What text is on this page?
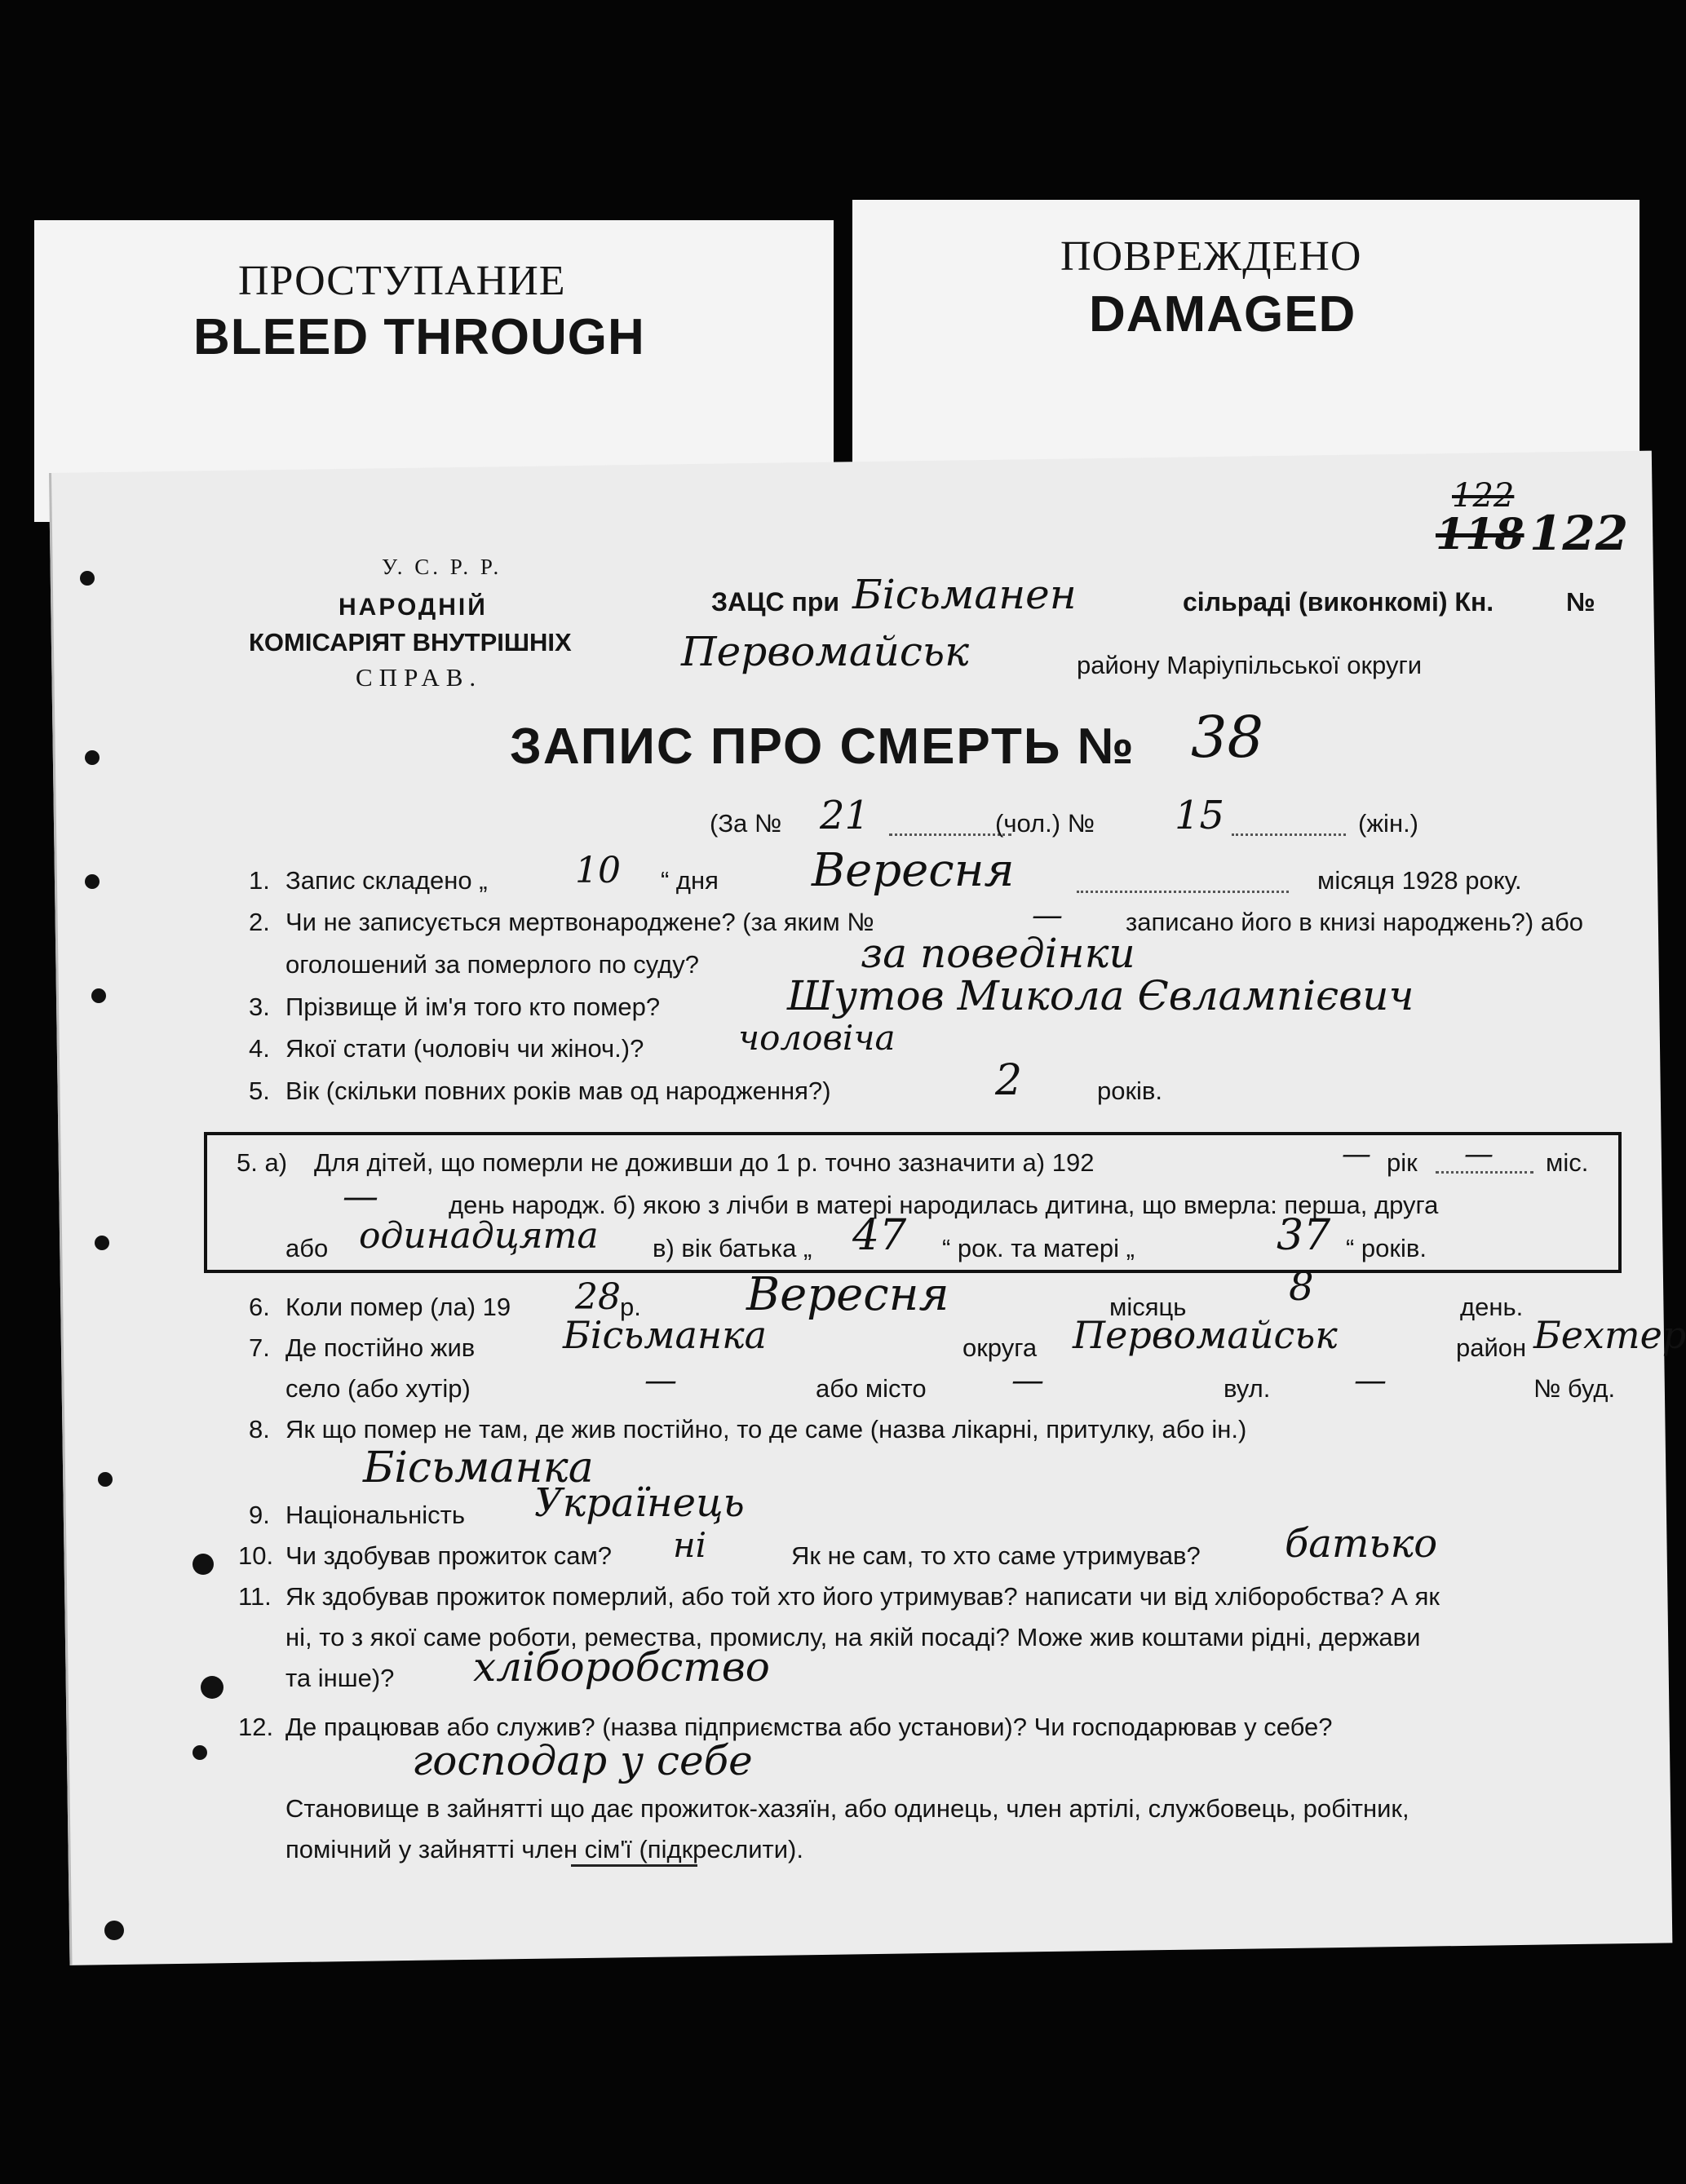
ПРОСТУПАНИЕ
BLEED THROUGH
ПОВРЕЖДЕНО
DAMAGED
122
118 122
У. С. Р. Р.
НАРОДНІЙ
КОМІСАРІЯТ ВНУТРІШНІХ
СПРАВ.
ЗАЦС при Бісьманен	сільраді (виконкомі) Кн.	№
Первомайськ	району Маріупільської округи
ЗАПИС ПРО СМЕРТЬ № 38
(За № 21	(чол.) № 15	(жін.)
1. Запис складено „ 10 “ дня Вересня	місяця 1928 року.
2. Чи не записується мертвонароджене? (за яким №	— записано його в книзі народжень?) або
оголошений за померлого по суду?	за поведінки
3. Прізвище й ім'я того кто помер?	Шутов Микола Євлампієвич
4. Якої стати (чоловіч чи жіноч.)?	чоловіча
5. Вік (скільки повних років мав од народження?)	2	років.
5. а) Для дітей, що померли не доживши до 1 р. точно зазначити а) 192	— рік — міс.
—	день народж. б) якою з лічби в матері народилась дитина, що вмерла: перша, друга
або одинадцята в) вік батька „ 47 “ рок. та матері „	37 “ років.
6. Коли помер (ла) 19 28 р. Вересня	місяць	8	день.
7. Де постійно жив Бісьманка	округа Первомайськ	район Бехтер
село (або хутір)	—	або місто	—	вул.	—	№ буд.
8. Як що помер не там, де жив постійно, то де саме (назва лікарні, притулку, або ін.)
Бісьманка
9. Національність Українець
10. Чи здобував прожиток сам? ні	Як не сам, то хто саме утримував? батько
11. Як здобував прожиток померлий, або той хто його утримував? написати чи від хліборобства? А як
ні, то з якої саме роботи, ремества, промислу, на якій посаді? Може жив коштами рідні, держави
та інше)? хліборобство
12. Де працював або служив? (назва підприємства або установи)? Чи господарював у себе?
господар у себе
Становище в зайнятті що дає прожиток-хазяїн, або одинець, член артілі, службовець, робітник,
помічний у зайнятті член сім'ї (підкреслити).
